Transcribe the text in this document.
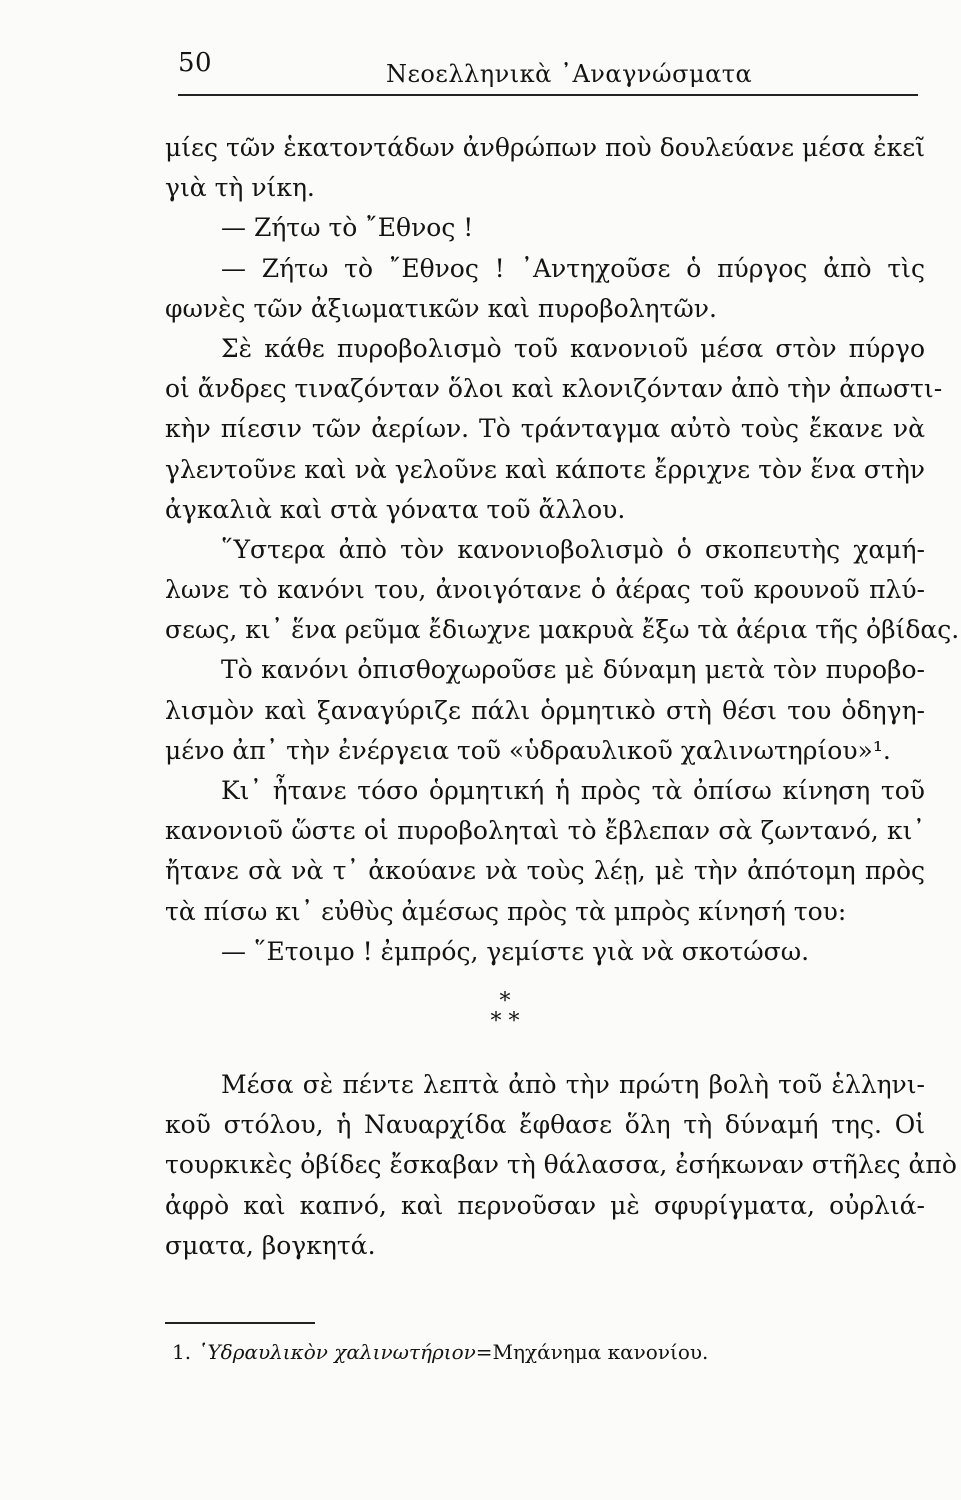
50	Νεοελληνικὰ ᾿Αναγνώσματα
μίες τῶν ἑκατοντάδων ἀνθρώπων ποὺ δουλεύανε μέσα ἐκεῖ
γιὰ τὴ νίκη.
— Ζήτω τὸ ῎Εθνος !
— Ζήτω τὸ ῎Εθνος ! ᾿Αντηχοῦσε ὁ πύργος ἀπὸ τὶς
φωνὲς τῶν ἀξιωματικῶν καὶ πυροβολητῶν.
Σὲ κάθε πυροβολισμὸ τοῦ κανονιοῦ μέσα στὸν πύργο
οἱ ἄνδρες τιναζόνταν ὅλοι καὶ κλονιζόνταν ἀπὸ τὴν ἀπωστι-
κὴν πίεσιν τῶν ἀερίων. Τὸ τράνταγμα αὐτὸ τοὺς ἔκανε νὰ
γλεντοῦνε καὶ νὰ γελοῦνε καὶ κάποτε ἔρριχνε τὸν ἕνα στὴν
ἀγκαλιὰ καὶ στὰ γόνατα τοῦ ἄλλου.
῞Υστερα ἀπὸ τὸν κανονιοβολισμὸ ὁ σκοπευτὴς χαμή-
λωνε τὸ κανόνι του, ἀνοιγότανε ὁ ἀέρας τοῦ κρουνοῦ πλύ-
σεως, κι᾿ ἕνα ρεῦμα ἔδιωχνε μακρυὰ ἔξω τὰ ἀέρια τῆς ὀβίδας.
Τὸ κανόνι ὀπισθοχωροῦσε μὲ δύναμη μετὰ τὸν πυροβο-
λισμὸν καὶ ξαναγύριζε πάλι ὁρμητικὸ στὴ θέσι του ὁδηγη-
μένο ἀπ᾿ τὴν ἐνέργεια τοῦ «ὑδραυλικοῦ χαλινωτηρίου»¹.
Κι᾿ ἦτανε τόσο ὁρμητική ἡ πρὸς τὰ ὀπίσω κίνηση τοῦ
κανονιοῦ ὥστε οἱ πυροβοληταὶ τὸ ἔβλεπαν σὰ ζωντανό, κι᾿
ἤτανε σὰ νὰ τ᾿ ἀκούανε νὰ τοὺς λέῃ, μὲ τὴν ἀπότομη πρὸς
τὰ πίσω κι᾿ εὐθὺς ἀμέσως πρὸς τὰ μπρὸς κίνησή του:
— ῞Ετοιμο ! ἐμπρός, γεμίστε γιὰ νὰ σκοτώσω.
*
* *
Μέσα σὲ πέντε λεπτὰ ἀπὸ τὴν πρώτη βολὴ τοῦ ἑλληνι-
κοῦ στόλου, ἡ Ναυαρχίδα ἔφθασε ὅλη τὴ δύναμή της. Οἱ
τουρκικὲς ὀβίδες ἔσκαβαν τὴ θάλασσα, ἐσήκωναν στῆλες ἀπὸ
ἀφρὸ καὶ καπνό, καὶ περνοῦσαν μὲ σφυρίγματα, οὐρλιά-
σματα, βογκητά.
1. ῾Υδραυλικὸν χαλινωτήριον=Μηχάνημα κανονίου.
